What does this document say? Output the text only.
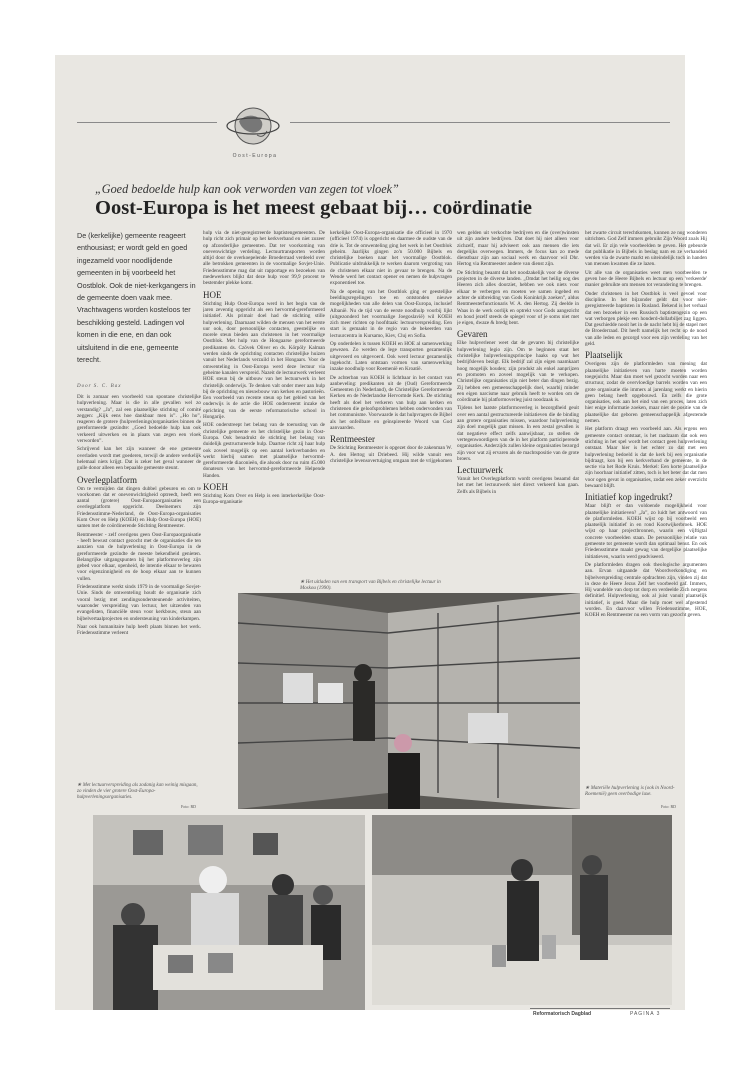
Oost-Europa
„Goed bedoelde hulp kan ook verworden van zegen tot vloek”
Oost-Europa is het meest gebaat bij… coördinatie
De (kerkelijke) gemeente reageert enthousiast; er wordt geld en goed ingezameld voor noodlijdende gemeenten in bij voorbeeld het Oostblok. Ook de niet-kerkgangers in de gemeente doen vaak mee. Vrachtwagens worden kosteloos ter beschikking gesteld. Ladingen vol komen in die ene, en dan ook uitsluitend in die ene, gemeente terecht.
Door S. C. Bax

Dit is zomaar een voorbeeld van spontane christelijke hulpverlening. Maar is die in alle gevallen wel zo verstandig? „Ja”, zal een plaatselijke stichting of comité zeggen: „Kijk eens hoe dankbaar men is”. „Ho ho”, reageren de grotere (hulpverlenings)organisaties binnen de gereformeerde gezindte: „Goed bedoelde hulp kan ook verkeerd uitwerken en in plaats van zegen een vloek verworden”.

Schrijvend kan het zijn wanneer de ene gemeente overladen wordt met goederen, terwijl de andere werkelijk helemaal niets krijgt. Dat is zeker het geval wanneer de gulle donor alleen een bepaalde gemeente steunt.

Overlegplatform

Om te vermijden dat dingen dubbel gebeuren en om te voorkomen dat er onevenwichtigheid optreedt, heeft een aantal (grotere) Oost-Europaorganisaties een overlegplatform opgericht. Deelnemers zijn Friedensstimme-Nederland, de Oost-Europa-organisaties Kom Over en Help (KOEH) en Hulp Oost-Europa (HOE) samen met de coördinerende Stichting Rentmeester.

Rentmeester - zelf overigens geen Oost-Europaorganisatie - heeft bewust contact gezocht met de organisaties die ten aanzien van de hulpverlening in Oost-Europa in de gereformeerde gezindte de meeste bekendheid genieten. Belangrijke uitgangspunten bij het platformoverleg zijn gebed voor elkaar, openheid, de intentie elkaar te bewaren voor eigenzinnigheid en de hoop elkaar aan te kunnen vullen.

Friedensstimme werkt sinds 1979 in de voormalige Sovjet-Unie. Sinds de omwenteling houdt de organisatie zich vooral bezig met zendingsondersteunende activiteiten, waaronder verspreiding van lectuur, het uitzenden van evangelisten, financiële steun voor kerkbouw, steun aan bijbelvertaalprojecten en ondersteuning van kinderkampen.

Naar ook humanitaire hulp heeft plaats binnen het werk. Friedensstimme verleent

hulp via de niet-geregistreerde baptistengemeenten. De hulp richt zich primair op het kerkverband en niet zozeer op afzonderlijke gemeenten. Dat ter voorkoming van onevenwichtige verdeling. Lectuurtransporten worden altijd door de overkoepelende Broederraad verdeeld over alle betrokken gemeenten in de voormalige Sovjet-Unie. Friedensstimme mag dat uit rapportage en bezoeken van medewerkers blijkt dat deze hulp voor 99,9 procent te bestemder plekke komt.

HOE

Stichting Hulp Oost-Europa werd in het begin van de jaren zeventig opgericht als een hervormd-gereformeerd initiatief. Als primair doel had de stichting stille hulpverlening. Daarnaast wilden de mensen van het eerste uur ook, door persoonlijke contacten, geestelijke en morele steun bieden aan christenen in het voormalige Oostblok. Met hulp van de Hongaarse gereformeerde predikanten ds. Czövek Oliver en ds. Körpöly Kalman werden sinds de oprichting contacten christelijke huizen vanuit het Nederlands verzuild in het Hongaars. Voor de omwenteling in Oost-Europa werd deze lectuur via geheime kanalen verspreid. Nazeit de lectuurwerk verleent HOE steun bij de uitbouw van het lectuurwerk in het christelijk onderwijs. Te denken valt onder meer aan hulp bij de oprichting en nieuwbouw van kerken en pastorieën. Een voorbeeld van recente steun op het gebied van het onderwijs is de actie die HOE onderneemt inzake de oprichting van de eerste reformatorische school in Hongarije.

HOE onderstreept het belang van de toerusting van de christelijke gemeente en het christelijke gezin in Oost-Europa. Ook benadrukt de stichting het belang van duidelijk gestructureerde hulp. Daartoe richt zij haar hulp ook zoveel mogelijk op een aantal kerkverbanden en werkt hierbij samen met plaatselijke hervormd-gereformeerde diaconieën, die alsook door nu ruim 45.000 donateurs van het hervormd-gereformeerde Helpende Handen.

KOEH

Stichting Kom Over en Help is een interkerkelijke Oost-Europa-organisatie

kerkelijke Oost-Europa-organisatie die officieel in 1970 (officieel 1974) is opgericht en daarmee de oudste van de drie is. Tot de omwenteling ging het werk in het Oostblok geheim. Jaarlijks gingen zo'n 50.000 Bijbels en christelijke boeken naar het voormalige Oostblok. Publicatie uitdrukkelijk te werken daarom vergroting van de christenen elkaar niet in gevaar te brengen. Na de Wende werd het contact opener en nemen de hulpvragen exponentieel toe.

Na de opening van het Oostblok ging er geestelijke beeldingsregelingen toe en ontstonden nieuwe mogelijkheden van alle delen van Oost-Europa, inclusief Albanië. Nu de tijd van de eerste noodhulp voorbij lijkt (uitgezonderd het voormalige Joegoslavië) wil KOEH zich meer richten op hoofdtaak: lectuurverspreiding. Een start is gemaakt in de regio van de bekeerden van lectuurcentra in Kursamo, Kiev, Cluj en Sofia.

Op onderdelen is tussen KOEH en HOE al samenwerking gewezen. Zo werden de lege transporten gezamenlijk uitgevoerd en uitgevoerd. Ook werd lectuur gezamenlijk ingekocht. Laten ontstaan vormen van samenwerking inzake noodhulp voor Roemenië en Kroatië.

De achterban van KOEH is lichtbaar in het contact van aanbeveling: predikanten uit de (Oud) Gereformeerde Gemeenten (in Nederland), de Christelijke Gereformeerde Kerken en de Nederlandse Hervormde Kerk. De stichting heeft als doel het verkeren van hulp aan kerken en christenen die geloofsproblemen hebben ondervonden van het communisme. Voorwaarde is dat hulpvragers de Bijbel als het onfeilbare en geïnspireerde Woord van God aanvaarden.

Rentmeester

De Stichting Rentmeester is opgezet door de zakenman W. A. den Hertog uit Driebeed. Hij wilde vanuit een christelijke levensovertuiging omgaan met de vrijgekomen

★ Het uitladen van een transport van Bijbels en christelijke lectuur in Moskou (1990).

wen gelden uit verkochte bedrijven en die (over)winsten uit zijn andere bedrijven. Dat doet hij niet alleen voor zichzelf, maar hij adviseert ook aan mensen die iets dergelijks overwegen. Immers, de focus kan zo mede dienstbaar zijn aan sociaal werk en daarvoor wil Dhr. Hertog via Rentmeester andere van dienst zijn.

De Stichting beaamt dat het noodzakelijk voor de diverse projecten in de diverse landen. „Omdat het heilig oog des Heeren zich alles doorziet, hebben we ook niets voor elkaar te verbergen en moeten we samen ingebed en achter de uitbreiding van Gods Koninkrijk zoeken”, aldus Rentmeesterfunctionaris W. A. den Hertog. Zij deelde in Waas in de werk oorlijk en optrekt voor Gods aangezicht en houd jezelf steeds de spiegel voor of je soms niet met je eigen, dwaze & bredg bent.

Gevaren

Elke hulpverlener weet dat de gevaren bij christelijke hulpverlening legio zijn. Om te beginnen staat het christelijke hulpverleningsprincipe haaks op wat het bedrijfsleven bezigt. Elk bedrijf zal zijn eigen naamkaart hoog mogelijk houden; zijn produkt als enkel aanprijzen en promoten en zoveel mogelijk van te verkopen. Christelijke organisaties zijn niet beter dan dingen bezig. Zij hebben een gemeenschappelijk doel, waarbij minder een eigen narcisme naar gebruik heeft te worden om de coördinatie bij platformoverleg juist noodzaak is.

Tijdens het laatste platformoverleg is bezorgdheid geuit over een aantal gestructureerde initiatieven die de binding aan grotere organisaties missen, waardoor hulpverlening zijn doel mogelijk gaat missen. In een zestal gevallen is dat negatieve effect zelfs aanwijsbaar, zo stellen de vertegenwoordigers van de in het platform participerende organisaties. Anderzijds zullen kleine organisaties bezorgd zijn voor wat zij ervaren als de machtspositie van de grote broers.

Lectuurwerk

Vanuit het Overlegplatform wordt overigens beaamd dat het met het lectuurwerk niet direct verkeerd kan gaan. Zelfs als Bijbels in

het zwarte circuit terechtkomen, kunnen ze nog wonderen uitrichten. God Zelf immers gebruikt Zijn Woord zoals Hij dat wil. Er zijn vele voorbeelden te geven. Het gebeurde dat publikatie in Bijbels in beslag nam en ze verhandeld werden via de zwarte markt en uiteindelijk toch in handen van mensen kwamen die ze lazen.

Uit alle van de organisaties weet men voorbeelden te geven hoe de Heere Bijbels en lectuur op een 'verkeerde' manier gebruikte om mensen tot verandering te brengen.

Onder christenen in het Oostblok is veel gevoel voor discipline. In het bijzonder geldt dat voor niet-geregistreerde baptisten in Rusland. Bekend is het verhaal dat een bezoeker in een Russisch baptistengezin op een wat verborgen plekje een honderd-dollarbiljet zag liggen. Dat geschiedde nooit het in de nacht hebt bij de stapel met de Broederraad. Dit heeft namelijk het recht op de nood van alle leden en gezorgd voor een zijn verdeling van het geld.

Plaatselijk

Overigens zijn de platformleden van mening dat plaatselijke initiatieven van harte moeten worden toegejuicht. Maar dan moet wel gezocht worden naar een structuur, zodat de overvloedige barrels worden van een grote organisatie die immers al jarenlang werkt en hierin geen belang heeft opgebouwd. En zelfs die grote organisaties, ook aan het eind van een proces, laten zich hier enige informatie zoeken, maar niet de positie van de plaatselijke dat geboren gemeenschappelijk afgestemde nemen.

Het platform draagt een voorbeeld aan. Als ergens een gemeente contact ontstaat, is het raadzaam dat ook een stichting in het spel wordt het contact geen hulpverlening ontstaat. Maar hier is het echter zo dat met een hulpverlening bedoeld is dat de kerk bij een organisatie bijdraagt, kon bij een kerkverband de gemeente, in de sectie via het Rode Kruis. Merkel: Een korte plaatselijke zijn hoorbaar initiatief zitten, toch is het beter dat dat men voor ogen gevat in organisaties, zodat een zeker overzicht bewaard blijft.

Initiatief kop ingedrukt?

Maar blijft er dan voldoende mogelijkheid voor plaatselijke initiatieven? „Ja”, zo luidt het antwoord van de platformleden. KOEH wijst op bij voorbeeld een plaatselijk initiatief in en rond Kootwijkerbroek. HOE wijst op haar projectbronnen, waarin een vijftigtal concrete voorbeelden staan. De persoonlijke relatie van gemeente tot gemeente wordt dan optimaal benut. En ook Friedensstimme maakt gewag van dergelijke plaatselijke initiatieven, waarin werd geadviseerd.

De platformleden dragen ook theologische argumenten aan. Ervan uitgaande dat Woordverkondiging en bijbelverspreiding centrale opdrachten zijn, vinden zij dat in deze de Heere Jezus Zelf het voorbeeld gaf. Immers, Hij wandelde van dorp tot dorp en verdeelde Zich nergens definitief. Hulpverlening, ook al juist vanuit plaatselijk initiatief, is goed. Maar die hulp moet wel afgestemd worden. En daarvoor willen Friedensstimme, HOE, KOEH en Rentmeester nu een vorm van gezocht geven.

★ Met lectuurverspreiding als zodanig kan weinig misgaan, zo vinden de vier grotere Oost-Europa-hulpverleningsorganisaties.
Foto: RD
★ Materiële hulpverlening is (ook in Noord-Roemenië) geen overbodige luxe.
Foto: RD
Reformatorisch Dagblad	PAGINA 3
